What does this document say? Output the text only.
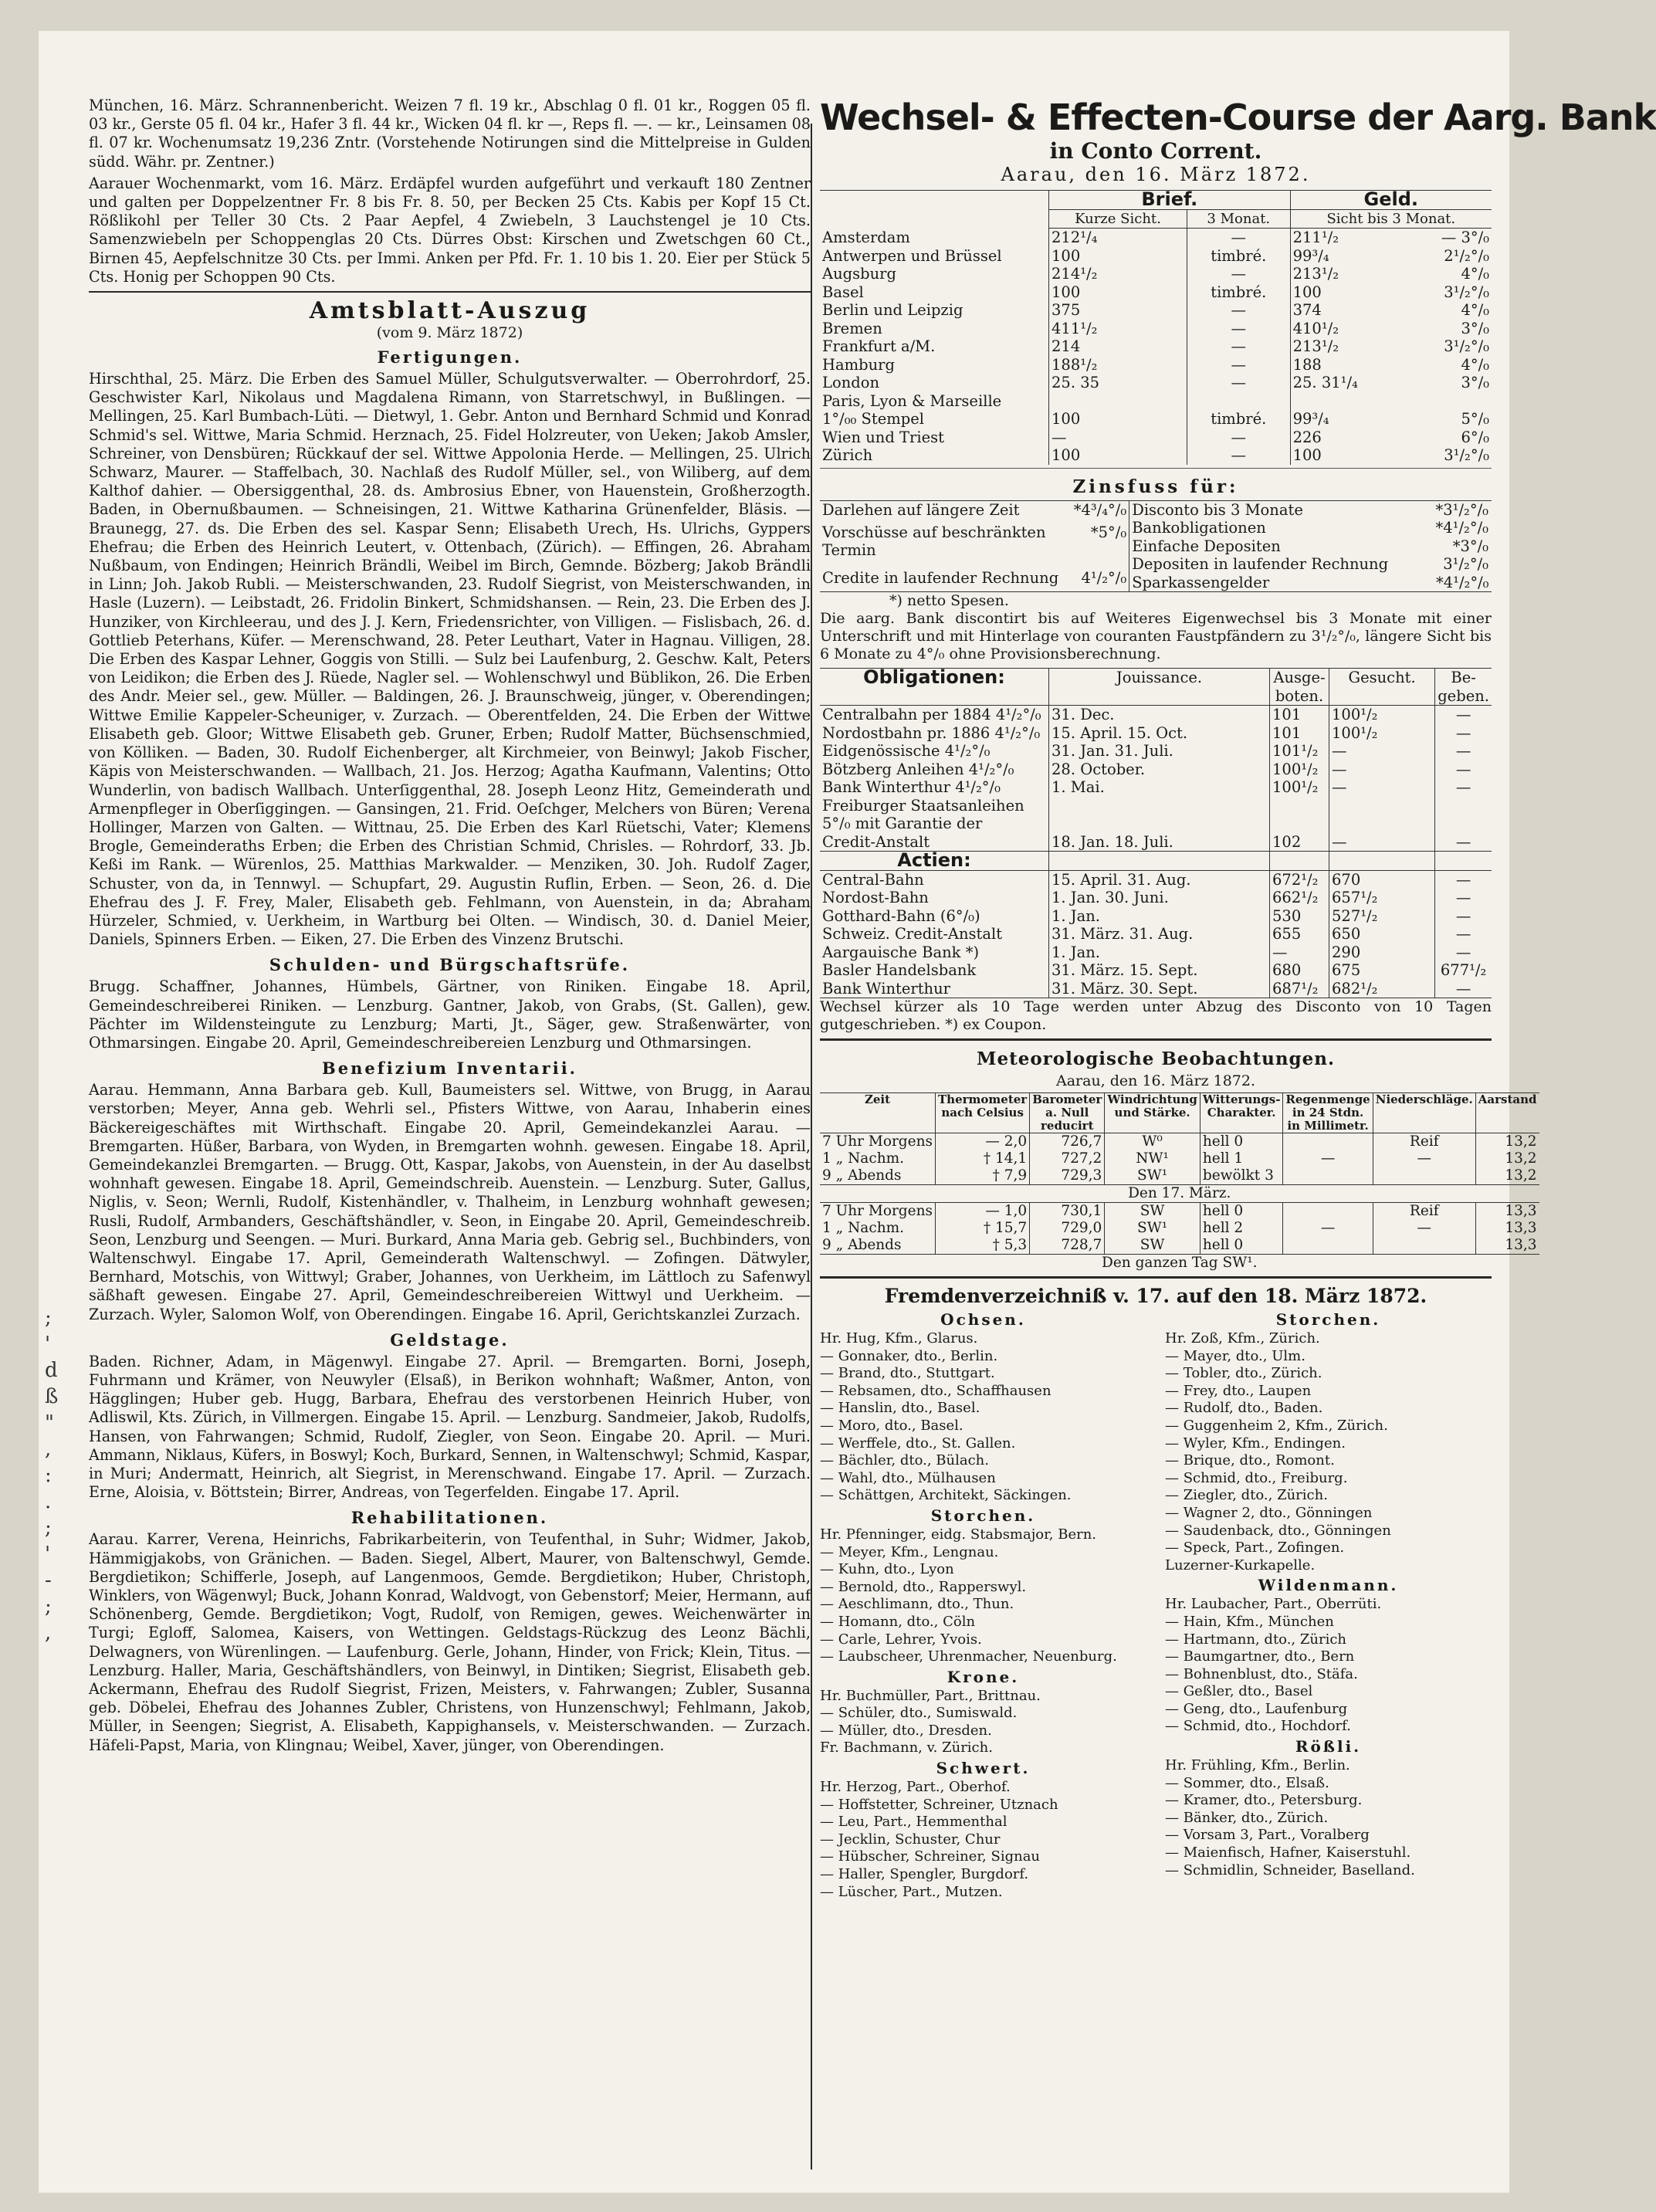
;
'
d
ß
"
,
:
.
;
'
-
;
,

München, 16. März. Schrannenbericht. Weizen 7 fl. 19 kr., Abschlag 0 fl. 01 kr., Roggen 05 fl. 03 kr., Gerste 05 fl. 04 kr., Hafer 3 fl. 44 kr., Wicken 04 fl. kr —, Reps fl. —. — kr., Leinsamen 08 fl. 07 kr. Wochenumsatz 19,236 Zntr. (Vorstehende Notirungen sind die Mittelpreise in Gulden südd. Währ. pr. Zentner.)

Aarauer Wochenmarkt, vom 16. März. Erdäpfel wurden aufgeführt und verkauft 180 Zentner und galten per Doppelzentner Fr. 8 bis Fr. 8. 50, per Becken 25 Cts. Kabis per Kopf 15 Ct. Rößlikohl per Teller 30 Cts. 2 Paar Aepfel, 4 Zwiebeln, 3 Lauchstengel je 10 Cts. Samenzwiebeln per Schoppenglas 20 Cts. Dürres Obst: Kirschen und Zwetschgen 60 Ct., Birnen 45, Aepfelschnitze 30 Cts. per Immi. Anken per Pfd. Fr. 1. 10 bis 1. 20. Eier per Stück 5 Cts. Honig per Schoppen 90 Cts.

Amtsblatt-Auszug
(vom 9. März 1872)
Fertigungen.

Hirschthal, 25. März. Die Erben des Samuel Müller, Schulgutsverwalter. — Oberrohrdorf, 25. Geschwister Karl, Nikolaus und Magdalena Rimann, von Starretschwyl, in Bußlingen. — Mellingen, 25. Karl Bumbach-Lüti. — Dietwyl, 1. Gebr. Anton und Bernhard Schmid und Konrad Schmid's sel. Wittwe, Maria Schmid. Herznach, 25. Fidel Holzreuter, von Ueken; Jakob Amsler, Schreiner, von Densbüren; Rückkauf der sel. Wittwe Appolonia Herde. — Mellingen, 25. Ulrich Schwarz, Maurer. — Staffelbach, 30. Nachlaß des Rudolf Müller, sel., von Wiliberg, auf dem Kalthof dahier. — Obersiggenthal, 28. ds. Ambrosius Ebner, von Hauenstein, Großherzogth. Baden, in Obernußbaumen. — Schneisingen, 21. Wittwe Katharina Grünenfelder, Bläsis. — Braunegg, 27. ds. Die Erben des sel. Kaspar Senn; Elisabeth Urech, Hs. Ulrichs, Gyppers Ehefrau; die Erben des Heinrich Leutert, v. Ottenbach, (Zürich). — Effingen, 26. Abraham Nußbaum, von Endingen; Heinrich Brändli, Weibel im Birch, Gemnde. Bözberg; Jakob Brändli in Linn; Joh. Jakob Rubli. — Meisterschwanden, 23. Rudolf Siegrist, von Meisterschwanden, in Hasle (Luzern). — Leibstadt, 26. Fridolin Binkert, Schmidshansen. — Rein, 23. Die Erben des J. Hunziker, von Kirchleerau, und des J. J. Kern, Friedensrichter, von Villigen. — Fislisbach, 26. d. Gottlieb Peterhans, Küfer. — Merenschwand, 28. Peter Leuthart, Vater in Hagnau. Villigen, 28. Die Erben des Kaspar Lehner, Goggis von Stilli. — Sulz bei Laufenburg, 2. Geschw. Kalt, Peters von Leidikon; die Erben des J. Rüede, Nagler sel. — Wohlenschwyl und Büblikon, 26. Die Erben des Andr. Meier sel., gew. Müller. — Baldingen, 26. J. Braunschweig, jünger, v. Oberendingen; Wittwe Emilie Kappeler-Scheuniger, v. Zurzach. — Oberentfelden, 24. Die Erben der Wittwe Elisabeth geb. Gloor; Wittwe Elisabeth geb. Gruner, Erben; Rudolf Matter, Büchsenschmied, von Kölliken. — Baden, 30. Rudolf Eichenberger, alt Kirchmeier, von Beinwyl; Jakob Fischer, Käpis von Meisterschwanden. — Wallbach, 21. Jos. Herzog; Agatha Kaufmann, Valentins; Otto Wunderlin, von badisch Wallbach. Unterſiggenthal, 28. Joseph Leonz Hitz, Gemeinderath und Armenpfleger in Oberſiggingen. — Gansingen, 21. Frid. Oeſchger, Melchers von Büren; Verena Hollinger, Marzen von Galten. — Wittnau, 25. Die Erben des Karl Rüetschi, Vater; Klemens Brogle, Gemeinderaths Erben; die Erben des Christian Schmid, Chrisles. — Rohrdorf, 33. Jb. Keßi im Rank. — Würenlos, 25. Matthias Markwalder. — Menziken, 30. Joh. Rudolf Zager, Schuster, von da, in Tennwyl. — Schupfart, 29. Augustin Ruflin, Erben. — Seon, 26. d. Die Ehefrau des J. F. Frey, Maler, Elisabeth geb. Fehlmann, von Auenstein, in da; Abraham Hürzeler, Schmied, v. Uerkheim, in Wartburg bei Olten. — Windisch, 30. d. Daniel Meier, Daniels, Spinners Erben. — Eiken, 27. Die Erben des Vinzenz Brutschi.

Schulden- und Bürgschaftsrüfe.

Brugg. Schaffner, Johannes, Hümbels, Gärtner, von Riniken. Eingabe 18. April, Gemeindeschreiberei Riniken. — Lenzburg. Gantner, Jakob, von Grabs, (St. Gallen), gew. Pächter im Wildensteingute zu Lenzburg; Marti, Jt., Säger, gew. Straßenwärter, von Othmarsingen. Eingabe 20. April, Gemeindeschreibereien Lenzburg und Othmarsingen.

Benefizium Inventarii.

Aarau. Hemmann, Anna Barbara geb. Kull, Baumeisters sel. Wittwe, von Brugg, in Aarau verstorben; Meyer, Anna geb. Wehrli sel., Pfisters Wittwe, von Aarau, Inhaberin eines Bäckereigeschäftes mit Wirthschaft. Eingabe 20. April, Gemeindekanzlei Aarau. — Bremgarten. Hüßer, Barbara, von Wyden, in Bremgarten wohnh. gewesen. Eingabe 18. April, Gemeindekanzlei Bremgarten. — Brugg. Ott, Kaspar, Jakobs, von Auenstein, in der Au daselbst wohnhaft gewesen. Eingabe 18. April, Gemeindschreib. Auenstein. — Lenzburg. Suter, Gallus, Niglis, v. Seon; Wernli, Rudolf, Kistenhändler, v. Thalheim, in Lenzburg wohnhaft gewesen; Rusli, Rudolf, Armbanders, Geschäftshändler, v. Seon, in Eingabe 20. April, Gemeindeschreib. Seon, Lenzburg und Seengen. — Muri. Burkard, Anna Maria geb. Gebrig sel., Buchbinders, von Waltenschwyl. Eingabe 17. April, Gemeinderath Waltenschwyl. — Zofingen. Dätwyler, Bernhard, Motschis, von Wittwyl; Graber, Johannes, von Uerkheim, im Lättloch zu Safenwyl säßhaft gewesen. Eingabe 27. April, Gemeindeschreibereien Wittwyl und Uerkheim. — Zurzach. Wyler, Salomon Wolf, von Oberendingen. Eingabe 16. April, Gerichtskanzlei Zurzach.

Geldstage.

Baden. Richner, Adam, in Mägenwyl. Eingabe 27. April. — Bremgarten. Borni, Joseph, Fuhrmann und Krämer, von Neuwyler (Elsaß), in Berikon wohnhaft; Waßmer, Anton, von Hägglingen; Huber geb. Hugg, Barbara, Ehefrau des verstorbenen Heinrich Huber, von Adliswil, Kts. Zürich, in Villmergen. Eingabe 15. April. — Lenzburg. Sandmeier, Jakob, Rudolfs, Hansen, von Fahrwangen; Schmid, Rudolf, Ziegler, von Seon. Eingabe 20. April. — Muri. Ammann, Niklaus, Küfers, in Boswyl; Koch, Burkard, Sennen, in Waltenschwyl; Schmid, Kaspar, in Muri; Andermatt, Heinrich, alt Siegrist, in Merenschwand. Eingabe 17. April. — Zurzach. Erne, Aloisia, v. Böttstein; Birrer, Andreas, von Tegerfelden. Eingabe 17. April.

Rehabilitationen.

Aarau. Karrer, Verena, Heinrichs, Fabrikarbeiterin, von Teufenthal, in Suhr; Widmer, Jakob, Hämmigjakobs, von Gränichen. — Baden. Siegel, Albert, Maurer, von Baltenschwyl, Gemde. Bergdietikon; Schifferle, Joseph, auf Langenmoos, Gemde. Bergdietikon; Huber, Christoph, Winklers, von Wägenwyl; Buck, Johann Konrad, Waldvogt, von Gebenstorf; Meier, Hermann, auf Schönenberg, Gemde. Bergdietikon; Vogt, Rudolf, von Remigen, gewes. Weichenwärter in Turgi; Egloff, Salomea, Kaisers, von Wettingen. Geldstags-Rückzug des Leonz Bächli, Delwagners, von Würenlingen. — Laufenburg. Gerle, Johann, Hinder, von Frick; Klein, Titus. — Lenzburg. Haller, Maria, Geschäftshändlers, von Beinwyl, in Dintiken; Siegrist, Elisabeth geb. Ackermann, Ehefrau des Rudolf Siegrist, Frizen, Meisters, v. Fahrwangen; Zubler, Susanna geb. Döbelei, Ehefrau des Johannes Zubler, Christens, von Hunzenschwyl; Fehlmann, Jakob, Müller, in Seengen; Siegrist, A. Elisabeth, Kappighansels, v. Meisterschwanden. — Zurzach. Häfeli-Papst, Maria, von Klingnau; Weibel, Xaver, jünger, von Oberendingen.

Wechsel- & Effecten-Course der Aarg. Bank
in Conto Corrent.
Aarau, den 16. März 1872.
	Brief.		Geld.	
	Kurze Sicht.	3 Monat.	Sicht bis 3 Monat.	
Amsterdam	212¹/₄	—	211¹/₂	— 3°/₀
Antwerpen und Brüssel	100	timbré.	99³/₄	2¹/₂°/₀
Augsburg	214¹/₂	—	213¹/₂	4°/₀
Basel	100	timbré.	100	3¹/₂°/₀
Berlin und Leipzig	375	—	374	4°/₀
Bremen	411¹/₂	—	410¹/₂	3°/₀
Frankfurt a/M.	214	—	213¹/₂	3¹/₂°/₀
Hamburg	188¹/₂	—	188	4°/₀
London	25. 35	—	25. 31¹/₄	3°/₀
Paris, Lyon & Marseille				
1°/₀₀ Stempel	100	timbré.	99³/₄	5°/₀
Wien und Triest	—	—	226	6°/₀
Zürich	100	—	100	3¹/₂°/₀
Zinsfuss für:
Darlehen auf längere Zeit	*4³/₄°/₀
Vorschüsse auf beschränkten Termin	*5°/₀
Credite in laufender Rechnung	4¹/₂°/₀
Disconto bis 3 Monate	*3¹/₂°/₀
Bankobligationen	*4¹/₂°/₀
Einfache Depositen	*3°/₀
Depositen in laufender Rechnung	3¹/₂°/₀
Sparkassengelder	*4¹/₂°/₀

*) netto Spesen.

Die aarg. Bank discontirt bis auf Weiteres Eigenwechsel bis 3 Monate mit einer Unterschrift und mit Hinterlage von couranten Faustpfändern zu 3¹/₂°/₀, längere Sicht bis 6 Monate zu 4°/₀ ohne Provisionsberechnung.

Obligationen:	Jouissance.	Ausge-boten.	Gesucht.	Be-geben.
Centralbahn per 1884 4¹/₂°/₀	31. Dec.	101	100¹/₂	—
Nordostbahn pr. 1886 4¹/₂°/₀	15. April. 15. Oct.	101	100¹/₂	—
Eidgenössische 4¹/₂°/₀	31. Jan. 31. Juli.	101¹/₂	—	—
Bötzberg Anleihen 4¹/₂°/₀	28. October.	100¹/₂	—	—
Bank Winterthur 4¹/₂°/₀	1. Mai.	100¹/₂	—	—
Freiburger Staatsanleihen				
5°/₀ mit Garantie der				
Credit-Anstalt	18. Jan. 18. Juli.	102	—	—
Actien:				
Central-Bahn	15. April. 31. Aug.	672¹/₂	670	—
Nordost-Bahn	1. Jan. 30. Juni.	662¹/₂	657¹/₂	—
Gotthard-Bahn (6°/₀)	1. Jan.	530	527¹/₂	—
Schweiz. Credit-Anstalt	31. März. 31. Aug.	655	650	—
Aargauische Bank *)	1. Jan.	—	290	—
Basler Handelsbank	31. März. 15. Sept.	680	675	677¹/₂
Bank Winterthur	31. März. 30. Sept.	687¹/₂	682¹/₂	—

Wechsel kürzer als 10 Tage werden unter Abzug des Disconto von 10 Tagen gutgeschrieben. *) ex Coupon.

Meteorologische Beobachtungen.
Aarau, den 16. März 1872.
Zeit	Thermometer nach Celsius	Barometer a. Null reducirt	Windrichtung und Stärke.	Witterungs-Charakter.	Regenmenge in 24 Stdn. in Millimetr.	Niederschläge.	Aarstand
7 Uhr Morgens	— 2,0	726,7	W⁰	hell 0		Reif	13,2
1 „ Nachm.	† 14,1	727,2	NW¹	hell 1	—	—	13,2
9 „ Abends	† 7,9	729,3	SW¹	bewölkt 3			13,2
Den 17. März.							
7 Uhr Morgens	— 1,0	730,1	SW	hell 0		Reif	13,3
1 „ Nachm.	† 15,7	729,0	SW¹	hell 2	—	—	13,3
9 „ Abends	† 5,3	728,7	SW	hell 0			13,3
Den ganzen Tag SW¹.							
Fremdenverzeichniß v. 17. auf den 18. März 1872.
Ochsen.

Hr. Hug, Kfm., Glarus.

— Gonnaker, dto., Berlin.

— Brand, dto., Stuttgart.

— Rebsamen, dto., Schaffhausen

— Hanslin, dto., Basel.

— Moro, dto., Basel.

— Werffele, dto., St. Gallen.

— Bächler, dto., Bülach.

— Wahl, dto., Mülhausen

— Schättgen, Architekt, Säckingen.

Storchen.

Hr. Pfenninger, eidg. Stabsmajor, Bern.

— Meyer, Kfm., Lengnau.

— Kuhn, dto., Lyon

— Bernold, dto., Rapperswyl.

— Aeschlimann, dto., Thun.

— Homann, dto., Cöln

— Carle, Lehrer, Yvois.

— Laubscheer, Uhrenmacher, Neuenburg.

Krone.

Hr. Buchmüller, Part., Brittnau.

— Schüler, dto., Sumiswald.

— Müller, dto., Dresden.

Fr. Bachmann, v. Zürich.

Schwert.

Hr. Herzog, Part., Oberhof.

— Hoffstetter, Schreiner, Utznach

— Leu, Part., Hemmenthal

— Jecklin, Schuster, Chur

— Hübscher, Schreiner, Signau

— Haller, Spengler, Burgdorf.

— Lüscher, Part., Mutzen.

Storchen.

Hr. Zoß, Kfm., Zürich.

— Mayer, dto., Ulm.

— Tobler, dto., Zürich.

— Frey, dto., Laupen

— Rudolf, dto., Baden.

— Guggenheim 2, Kfm., Zürich.

— Wyler, Kfm., Endingen.

— Brique, dto., Romont.

— Schmid, dto., Freiburg.

— Ziegler, dto., Zürich.

— Wagner 2, dto., Gönningen

— Saudenback, dto., Gönningen

— Speck, Part., Zofingen.

Luzerner-Kurkapelle.

Wildenmann.

Hr. Laubacher, Part., Oberrüti.

— Hain, Kfm., München

— Hartmann, dto., Zürich

— Baumgartner, dto., Bern

— Bohnenblust, dto., Stäfa.

— Geßler, dto., Basel

— Geng, dto., Laufenburg

— Schmid, dto., Hochdorf.

Rößli.

Hr. Frühling, Kfm., Berlin.

— Sommer, dto., Elsaß.

— Kramer, dto., Petersburg.

— Bänker, dto., Zürich.

— Vorsam 3, Part., Voralberg

— Maienfisch, Hafner, Kaiserstuhl.

— Schmidlin, Schneider, Baselland.
